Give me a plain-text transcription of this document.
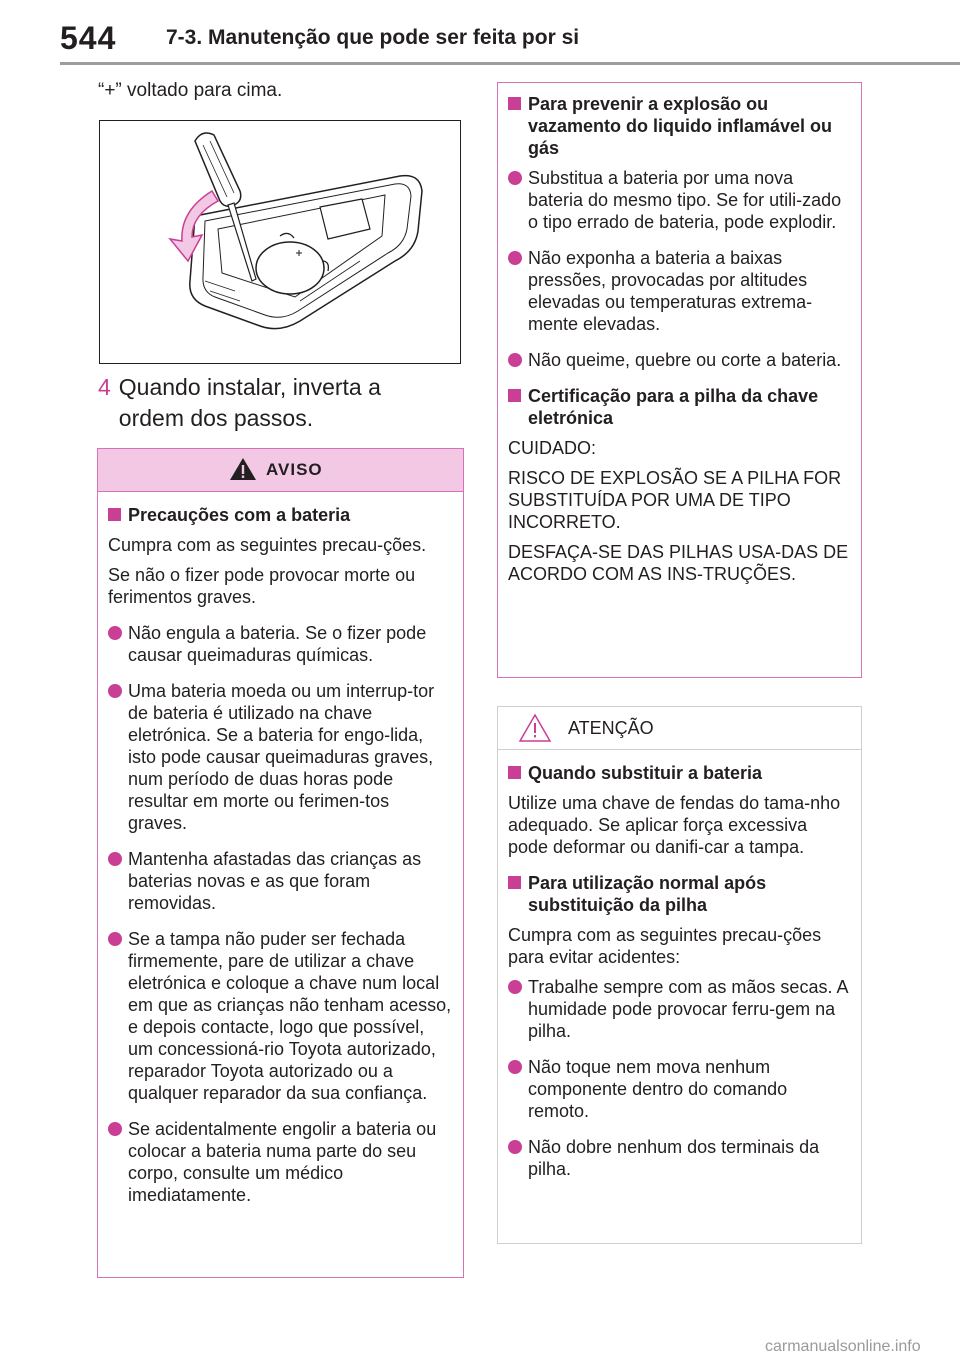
544 7-3. Manutenção que pode ser feita por si
“+” voltado para cima.
4 Quando instalar, inverta a ordem dos passos.
AVISO
Precauções com a bateria
Cumpra com as seguintes precau-ções.
Se não o fizer pode provocar morte ou ferimentos graves.
Não engula a bateria. Se o fizer pode causar queimaduras químicas.
Uma bateria moeda ou um interrup-tor de bateria é utilizado na chave eletrónica. Se a bateria for engo-lida, isto pode causar queimaduras graves, num período de duas horas pode resultar em morte ou ferimen-tos graves.
Mantenha afastadas das crianças as baterias novas e as que foram removidas.
Se a tampa não puder ser fechada firmemente, pare de utilizar a chave eletrónica e coloque a chave num local em que as crianças não tenham acesso, e depois contacte, logo que possível, um concessioná-rio Toyota autorizado, reparador Toyota autorizado ou a qualquer reparador da sua confiança.
Se acidentalmente engolir a bateria ou colocar a bateria numa parte do seu corpo, consulte um médico imediatamente.
Para prevenir a explosão ou vazamento do liquido inflamável ou gás
Substitua a bateria por uma nova bateria do mesmo tipo. Se for utili-zado o tipo errado de bateria, pode explodir.
Não exponha a bateria a baixas pressões, provocadas por altitudes elevadas ou temperaturas extrema-mente elevadas.
Não queime, quebre ou corte a bateria.
Certificação para a pilha da chave eletrónica
CUIDADO:
RISCO DE EXPLOSÃO SE A PILHA FOR SUBSTITUÍDA POR UMA DE TIPO INCORRETO.
DESFAÇA-SE DAS PILHAS USA-DAS DE ACORDO COM AS INS-TRUÇÕES.
ATENÇÃO
Quando substituir a bateria
Utilize uma chave de fendas do tama-nho adequado. Se aplicar força excessiva pode deformar ou danifi-car a tampa.
Para utilização normal após substituição da pilha
Cumpra com as seguintes precau-ções para evitar acidentes:
Trabalhe sempre com as mãos secas. A humidade pode provocar ferru-gem na pilha.
Não toque nem mova nenhum componente dentro do comando remoto.
Não dobre nenhum dos terminais da pilha.
carmanualsonline.info
